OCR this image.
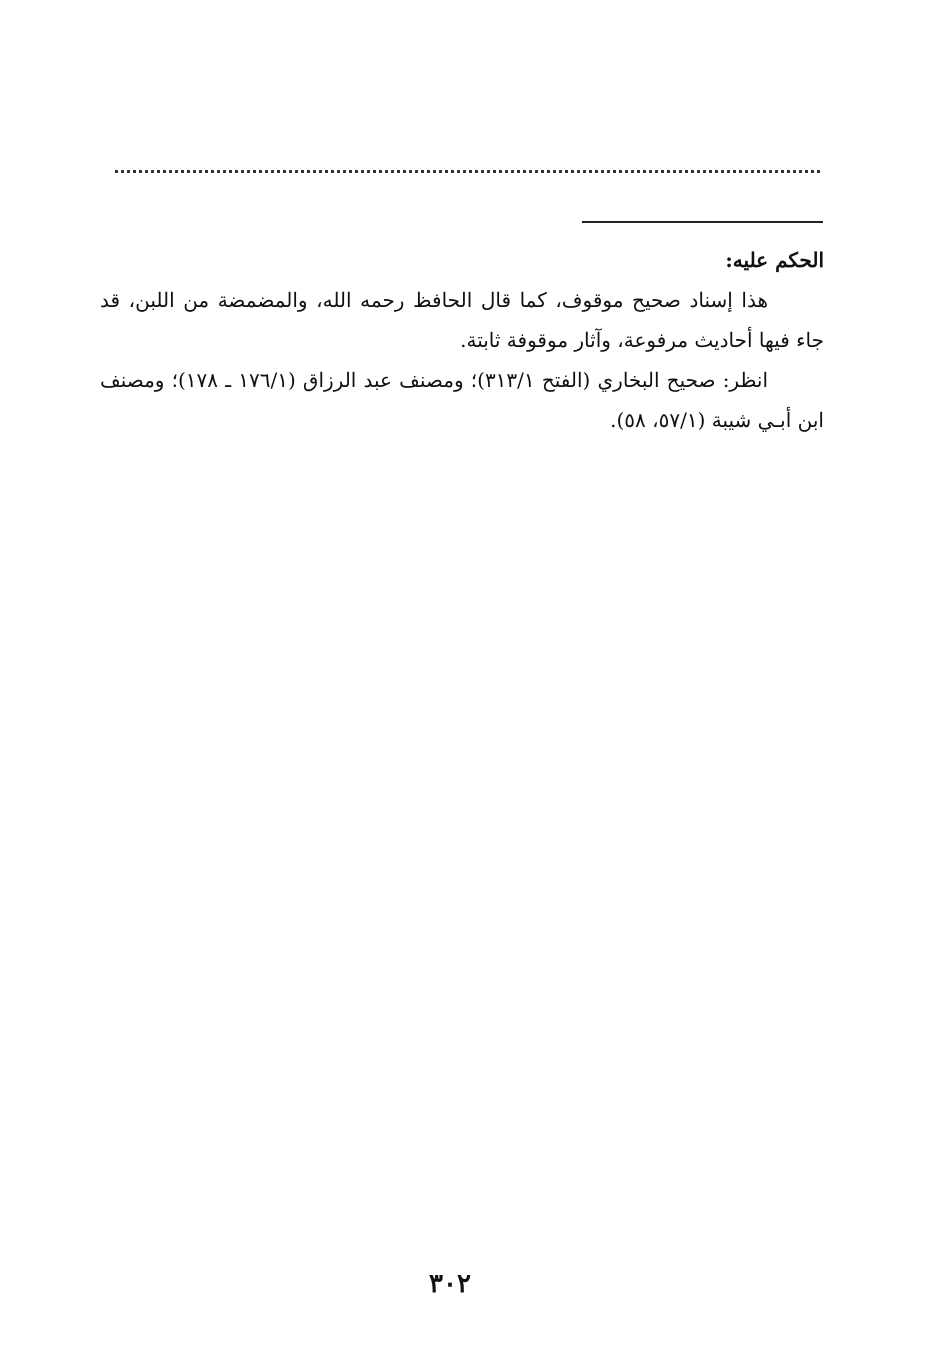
الحكم عليه:

هذا إسناد صحيح موقوف، كما قال الحافظ رحمه الله، والمضمضة من اللبن، قد جاء فيها أحاديث مرفوعة، وآثار موقوفة ثابتة.

انظر: صحيح البخاري (الفتح ٣١٣/١)؛ ومصنف عبد الرزاق (١٧٦/١ ـ ١٧٨)؛ ومصنف ابن أبـي شيبة (٥٧/١، ٥٨).

٣٠٢
